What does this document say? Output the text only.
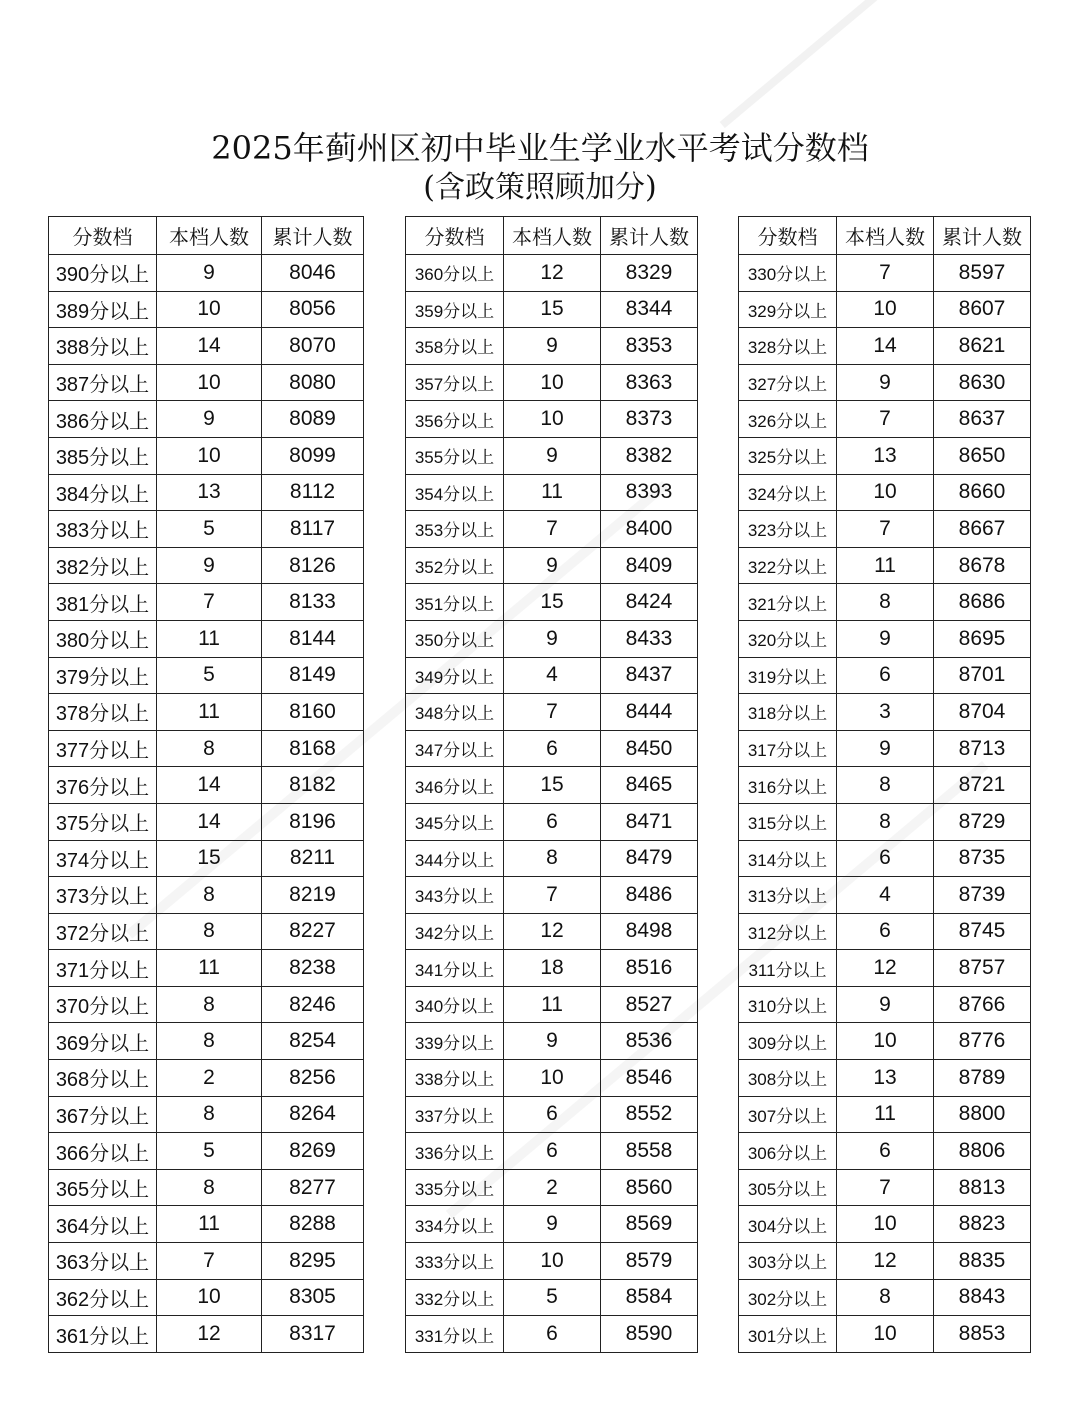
2025年蓟州区初中毕业生学业水平考试分数档
(含政策照顾加分)
分数档	本档人数	累计人数
390分以上	9	8046
389分以上	10	8056
388分以上	14	8070
387分以上	10	8080
386分以上	9	8089
385分以上	10	8099
384分以上	13	8112
383分以上	5	8117
382分以上	9	8126
381分以上	7	8133
380分以上	11	8144
379分以上	5	8149
378分以上	11	8160
377分以上	8	8168
376分以上	14	8182
375分以上	14	8196
374分以上	15	8211
373分以上	8	8219
372分以上	8	8227
371分以上	11	8238
370分以上	8	8246
369分以上	8	8254
368分以上	2	8256
367分以上	8	8264
366分以上	5	8269
365分以上	8	8277
364分以上	11	8288
363分以上	7	8295
362分以上	10	8305
361分以上	12	8317
分数档	本档人数	累计人数
360分以上	12	8329
359分以上	15	8344
358分以上	9	8353
357分以上	10	8363
356分以上	10	8373
355分以上	9	8382
354分以上	11	8393
353分以上	7	8400
352分以上	9	8409
351分以上	15	8424
350分以上	9	8433
349分以上	4	8437
348分以上	7	8444
347分以上	6	8450
346分以上	15	8465
345分以上	6	8471
344分以上	8	8479
343分以上	7	8486
342分以上	12	8498
341分以上	18	8516
340分以上	11	8527
339分以上	9	8536
338分以上	10	8546
337分以上	6	8552
336分以上	6	8558
335分以上	2	8560
334分以上	9	8569
333分以上	10	8579
332分以上	5	8584
331分以上	6	8590
分数档	本档人数	累计人数
330分以上	7	8597
329分以上	10	8607
328分以上	14	8621
327分以上	9	8630
326分以上	7	8637
325分以上	13	8650
324分以上	10	8660
323分以上	7	8667
322分以上	11	8678
321分以上	8	8686
320分以上	9	8695
319分以上	6	8701
318分以上	3	8704
317分以上	9	8713
316分以上	8	8721
315分以上	8	8729
314分以上	6	8735
313分以上	4	8739
312分以上	6	8745
311分以上	12	8757
310分以上	9	8766
309分以上	10	8776
308分以上	13	8789
307分以上	11	8800
306分以上	6	8806
305分以上	7	8813
304分以上	10	8823
303分以上	12	8835
302分以上	8	8843
301分以上	10	8853
